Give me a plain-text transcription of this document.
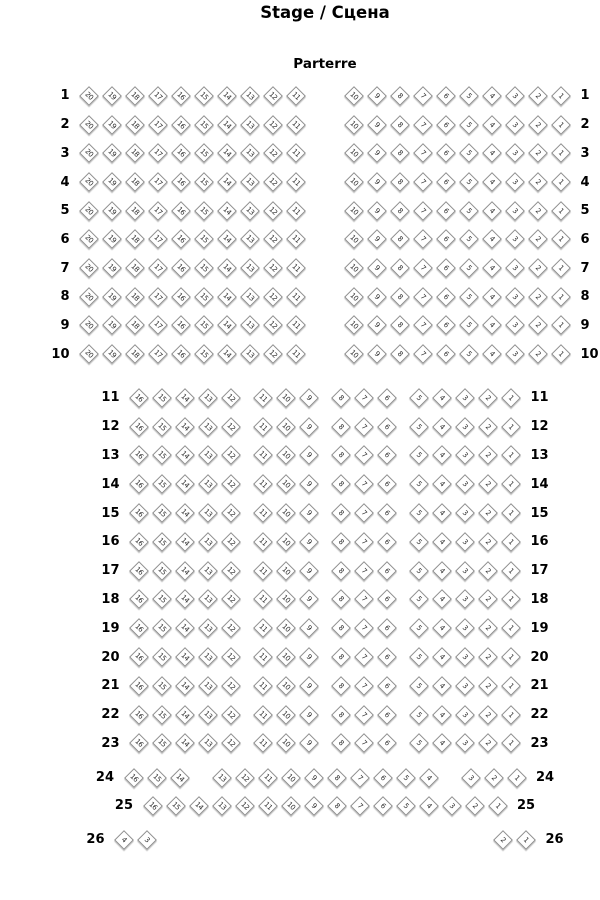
Stage / Сцена
Parterre
1 20 19 18 17 16 15 14 13 12 11	10 9 8 7 6 5 4 3 2 1 1
2 20 19 18 17 16 15 14 13 12 11	10 9 8 7 6 5 4 3 2 1 2
3 20 19 18 17 16 15 14 13 12 11	10 9 8 7 6 5 4 3 2 1 3
4 20 19 18 17 16 15 14 13 12 11	10 9 8 7 6 5 4 3 2 1 4
5 20 19 18 17 16 15 14 13 12 11	10 9 8 7 6 5 4 3 2 1 5
6 20 19 18 17 16 15 14 13 12 11	10 9 8 7 6 5 4 3 2 1 6
7 20 19 18 17 16 15 14 13 12 11	10 9 8 7 6 5 4 3 2 1 7
8 20 19 18 17 16 15 14 13 12 11	10 9 8 7 6 5 4 3 2 1 8
9 20 19 18 17 16 15 14 13 12 11	10 9 8 7 6 5 4 3 2 1 9
10 20 19 18 17 16 15 14 13 12 11	10 9 8 7 6 5 4 3 2 1 10
11 16 15 14 13 12	11 10 9	8 7 6	5 4 3 2 1 11
12 16 15 14 13 12	11 10 9	8 7 6	5 4 3 2 1 12
13 16 15 14 13 12	11 10 9	8 7 6	5 4 3 2 1 13
14 16 15 14 13 12	11 10 9	8 7 6	5 4 3 2 1 14
15 16 15 14 13 12	11 10 9	8 7 6	5 4 3 2 1 15
16 16 15 14 13 12	11 10 9	8 7 6	5 4 3 2 1 16
17 16 15 14 13 12	11 10 9	8 7 6	5 4 3 2 1 17
18 16 15 14 13 12	11 10 9	8 7 6	5 4 3 2 1 18
19 16 15 14 13 12	11 10 9	8 7 6	5 4 3 2 1 19
20 16 15 14 13 12	11 10 9	8 7 6	5 4 3 2 1 20
21 16 15 14 13 12	11 10 9	8 7 6	5 4 3 2 1 21
22 16 15 14 13 12	11 10 9	8 7 6	5 4 3 2 1 22
23 16 15 14 13 12	11 10 9	8 7 6	5 4 3 2 1 23
24 16 15 14	13 12 11 10 9 8 7 6 5 4	3 2 1 24
25 16 15 14 13 12 11 10 9 8 7 6 5 4 3 2 1 25
26 4 3	2 1 26
